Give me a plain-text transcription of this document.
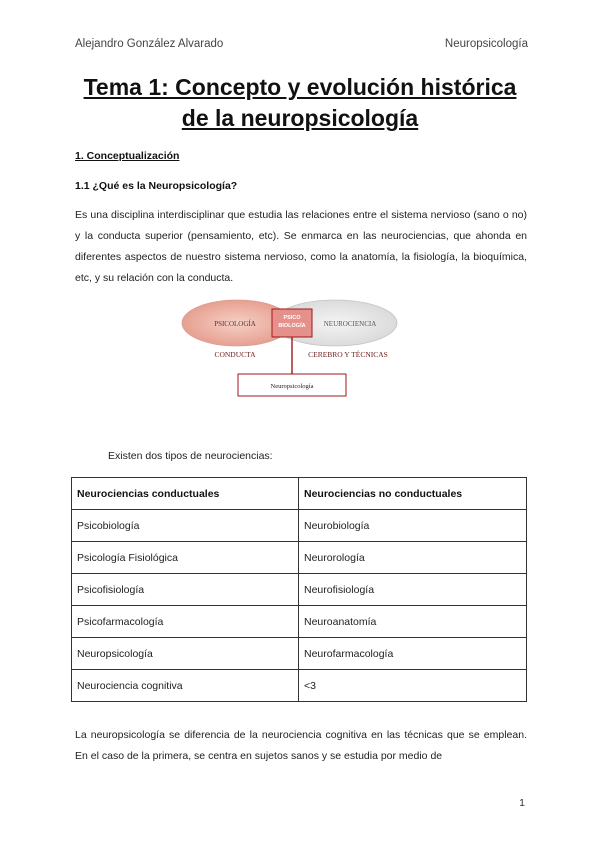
Alejandro González Alvarado	Neuropsicología
Tema 1: Concepto y evolución histórica
de la neuropsicología
1. Conceptualización
1.1 ¿Qué es la Neuropsicología?
Es una disciplina interdisciplinar que estudia las relaciones entre el sistema nervioso (sano o no) y la conducta superior (pensamiento, etc). Se enmarca en las neurociencias, que ahonda en diferentes aspectos de nuestro sistema nervioso, como la anatomía, la fisiología, la bioquímica, etc, y su relación con la conducta.
PSICOLOGÍA	NEUROCIENCIA
PSICO
BIOLOGÍA
CONDUCTA	CEREBRO Y TÉCNICAS
Neuropsicología
Existen dos tipos de neurociencias:
Neurociencias conductuales	Neurociencias no conductuales
Psicobiología	Neurobiología
Psicología Fisiológica	Neurorología
Psicofisiología	Neurofisiología
Psicofarmacología	Neuroanatomía
Neuropsicología	Neurofarmacología
Neurociencia cognitiva	<3
La neuropsicología se diferencia de la neurociencia cognitiva en las técnicas que se emplean. En el caso de la primera, se centra en sujetos sanos y se estudia por medio de
1
